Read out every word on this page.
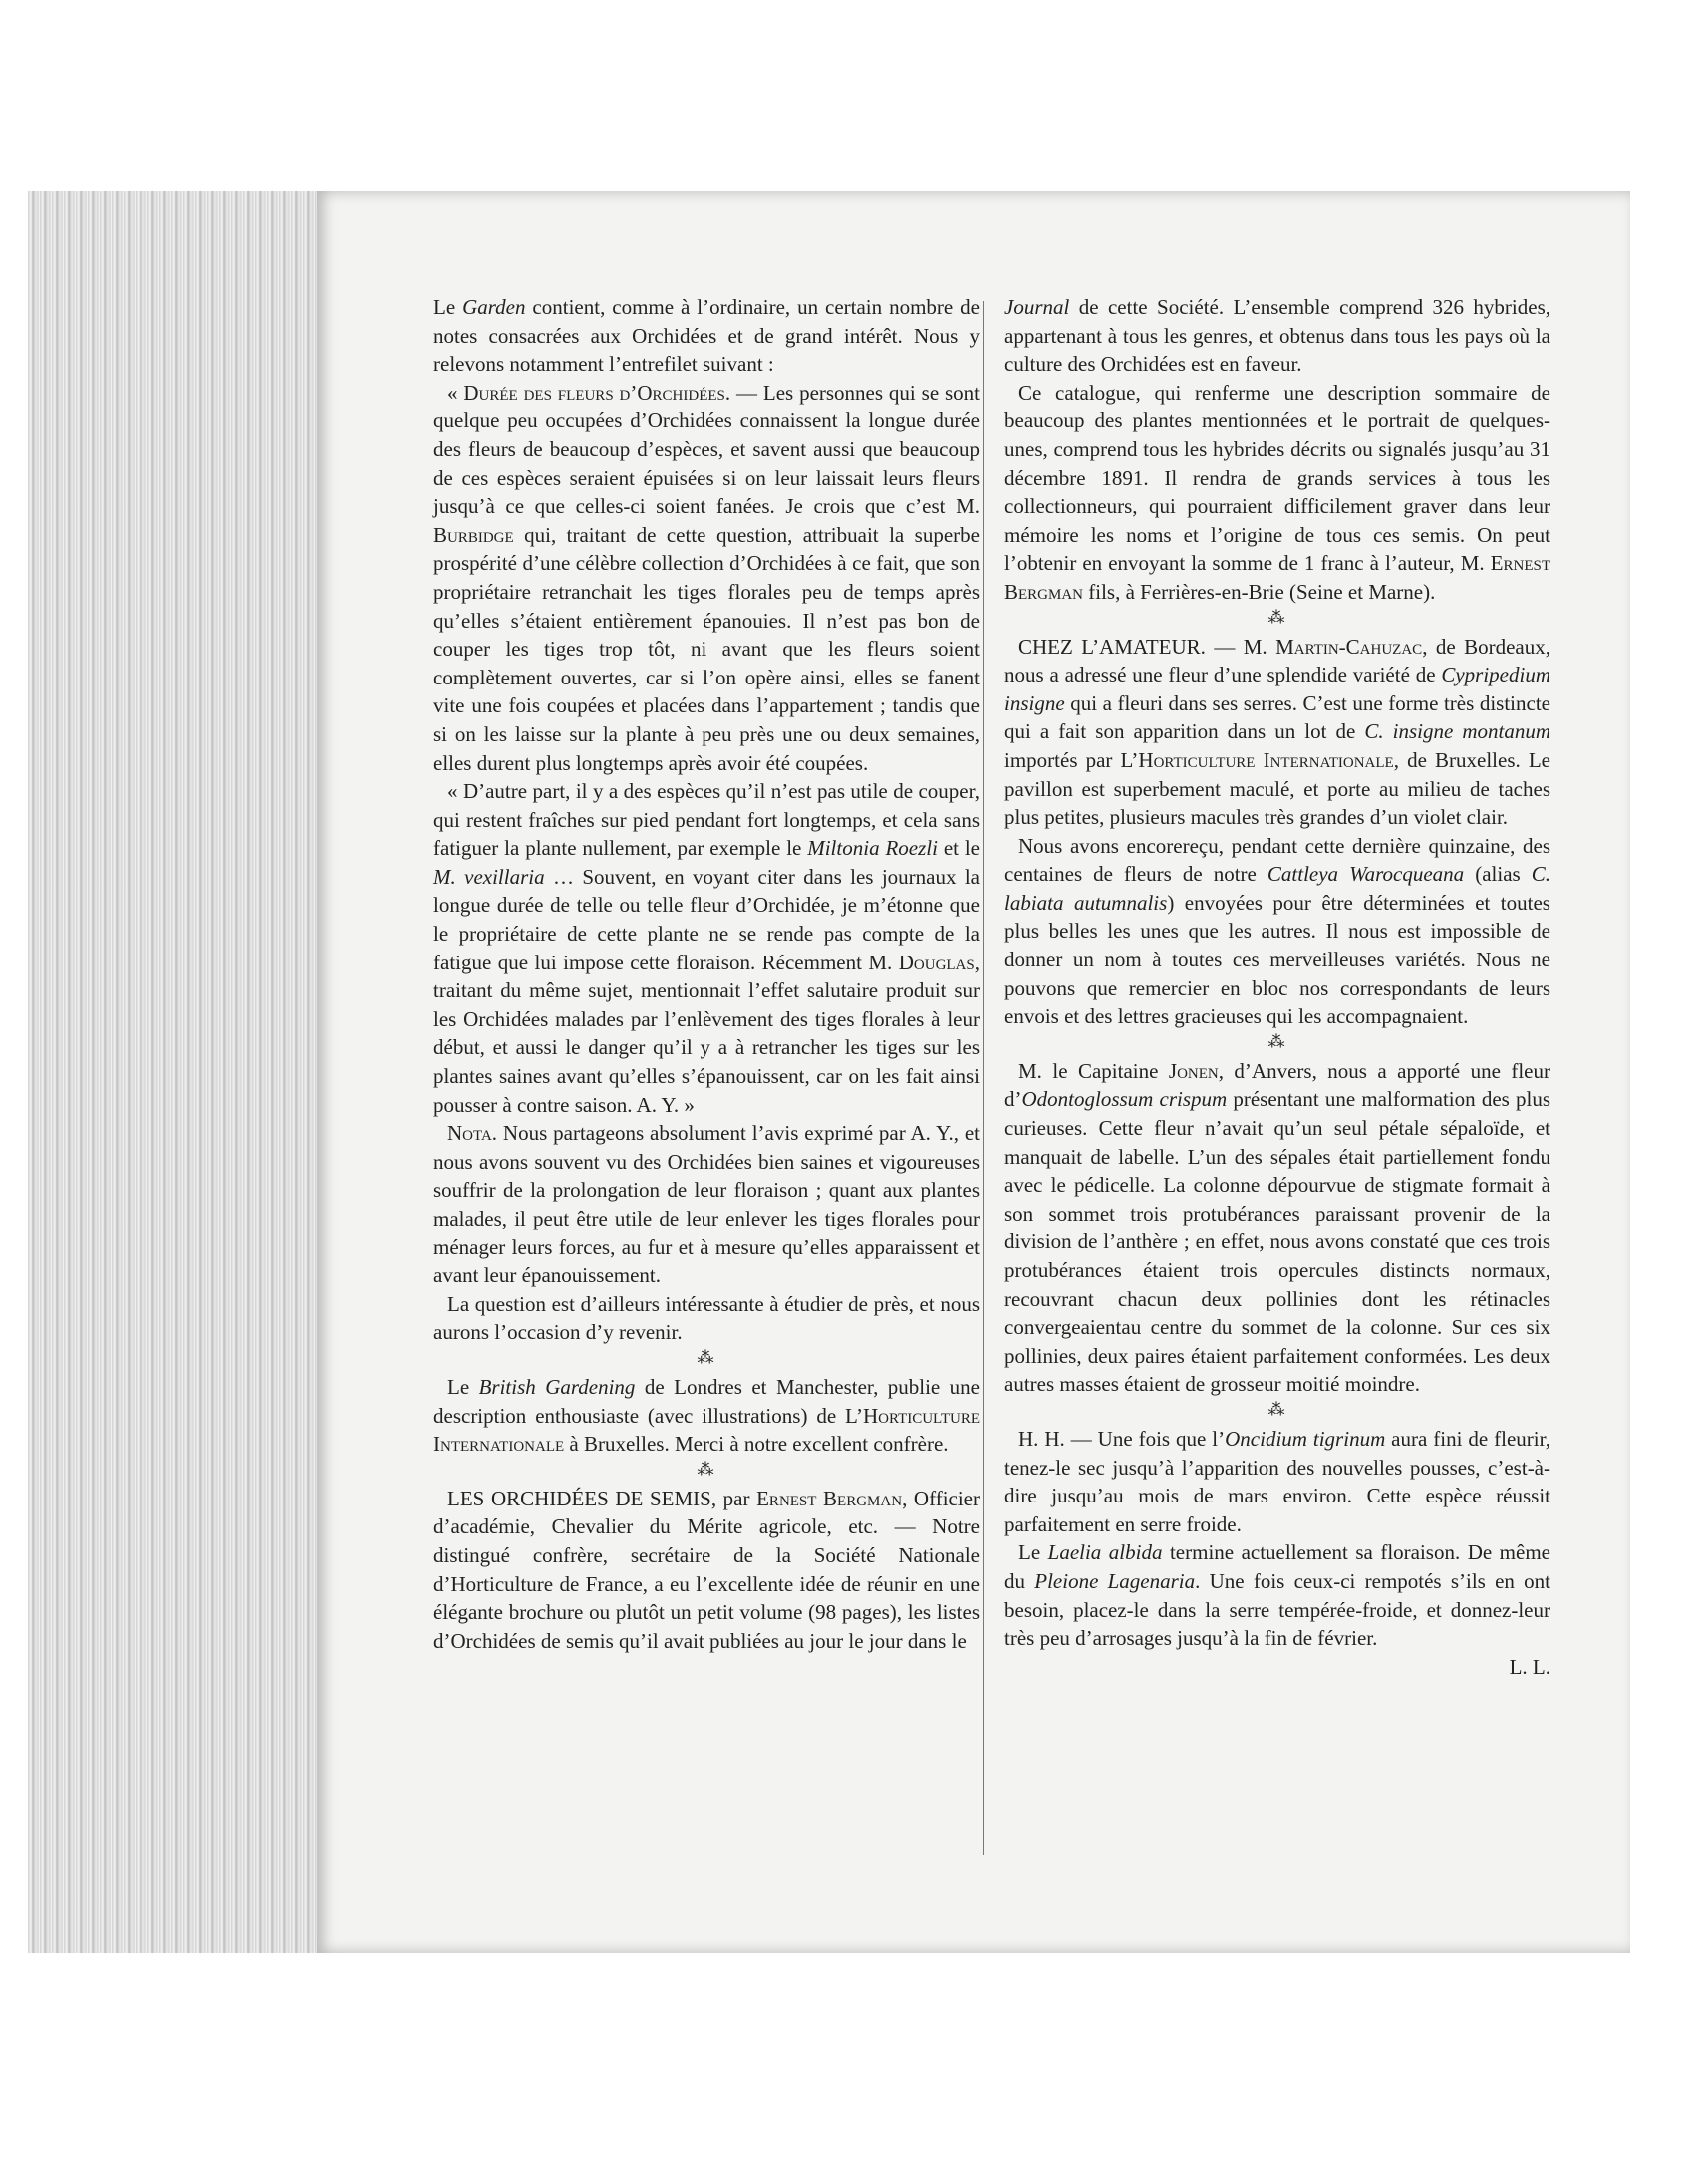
Le Garden contient, comme à l’ordinaire, un certain nombre de notes consacrées aux Orchidées et de grand intérêt. Nous y relevons notamment l’entrefilet suivant :

« Durée des fleurs d’Orchidées. — Les personnes qui se sont quelque peu occupées d’Orchidées connaissent la longue durée des fleurs de beaucoup d’espèces, et savent aussi que beaucoup de ces espèces seraient épuisées si on leur laissait leurs fleurs jusqu’à ce que celles-ci soient fanées. Je crois que c’est M. Burbidge qui, traitant de cette question, attribuait la superbe prospérité d’une célèbre collection d’Orchidées à ce fait, que son propriétaire retranchait les tiges florales peu de temps après qu’elles s’étaient entièrement épanouies. Il n’est pas bon de couper les tiges trop tôt, ni avant que les fleurs soient complètement ouvertes, car si l’on opère ainsi, elles se fanent vite une fois coupées et placées dans l’appartement ; tandis que si on les laisse sur la plante à peu près une ou deux semaines, elles durent plus longtemps après avoir été coupées.

« D’autre part, il y a des espèces qu’il n’est pas utile de couper, qui restent fraîches sur pied pendant fort longtemps, et cela sans fatiguer la plante nullement, par exemple le Miltonia Roezli et le M. vexillaria … Souvent, en voyant citer dans les journaux la longue durée de telle ou telle fleur d’Orchidée, je m’étonne que le propriétaire de cette plante ne se rende pas compte de la fatigue que lui impose cette floraison. Récemment M. Douglas, traitant du même sujet, mentionnait l’effet salutaire produit sur les Orchidées malades par l’enlèvement des tiges florales à leur début, et aussi le danger qu’il y a à retrancher les tiges sur les plantes saines avant qu’elles s’épanouissent, car on les fait ainsi pousser à contre saison. A. Y. »

Nota. Nous partageons absolument l’avis exprimé par A. Y., et nous avons souvent vu des Orchidées bien saines et vigoureuses souffrir de la prolongation de leur floraison ; quant aux plantes malades, il peut être utile de leur enlever les tiges florales pour ménager leurs forces, au fur et à mesure qu’elles apparaissent et avant leur épanouissement.

La question est d’ailleurs intéressante à étudier de près, et nous aurons l’occasion d’y revenir.

⁂

Le British Gardening de Londres et Manchester, publie une description enthousiaste (avec illustrations) de L’Horticulture Internationale à Bruxelles. Merci à notre excellent confrère.

⁂

LES ORCHIDÉES DE SEMIS, par Ernest Bergman, Officier d’académie, Chevalier du Mérite agricole, etc. — Notre distingué confrère, secrétaire de la Société Nationale d’Horticulture de France, a eu l’excellente idée de réunir en une élégante brochure ou plutôt un petit volume (98 pages), les listes d’Orchidées de semis qu’il avait publiées au jour le jour dans le

Journal de cette Société. L’ensemble comprend 326 hybrides, appartenant à tous les genres, et obtenus dans tous les pays où la culture des Orchidées est en faveur.

Ce catalogue, qui renferme une description sommaire de beaucoup des plantes mentionnées et le portrait de quelques-unes, comprend tous les hybrides décrits ou signalés jusqu’au 31 décembre 1891. Il rendra de grands services à tous les collectionneurs, qui pourraient difficilement graver dans leur mémoire les noms et l’origine de tous ces semis. On peut l’obtenir en envoyant la somme de 1 franc à l’auteur, M. Ernest Bergman fils, à Ferrières-en-Brie (Seine et Marne).

⁂

CHEZ L’AMATEUR. — M. Martin-Cahuzac, de Bordeaux, nous a adressé une fleur d’une splendide variété de Cypripedium insigne qui a fleuri dans ses serres. C’est une forme très distincte qui a fait son apparition dans un lot de C. insigne montanum importés par L’Horticulture Internationale, de Bruxelles. Le pavillon est superbement maculé, et porte au milieu de taches plus petites, plusieurs macules très grandes d’un violet clair.

Nous avons encorereçu, pendant cette dernière quinzaine, des centaines de fleurs de notre Cattleya Warocqueana (alias C. labiata autumnalis) envoyées pour être déterminées et toutes plus belles les unes que les autres. Il nous est impossible de donner un nom à toutes ces merveilleuses variétés. Nous ne pouvons que remercier en bloc nos correspondants de leurs envois et des lettres gracieuses qui les accompagnaient.

⁂

M. le Capitaine Jonen, d’Anvers, nous a apporté une fleur d’Odontoglossum crispum présentant une malformation des plus curieuses. Cette fleur n’avait qu’un seul pétale sépaloïde, et manquait de labelle. L’un des sépales était partiellement fondu avec le pédicelle. La colonne dépourvue de stigmate formait à son sommet trois protubérances paraissant provenir de la division de l’anthère ; en effet, nous avons constaté que ces trois protubérances étaient trois opercules distincts normaux, recouvrant chacun deux pollinies dont les rétinacles convergeaientau centre du sommet de la colonne. Sur ces six pollinies, deux paires étaient parfaitement conformées. Les deux autres masses étaient de grosseur moitié moindre.

⁂

H. H. — Une fois que l’Oncidium tigrinum aura fini de fleurir, tenez-le sec jusqu’à l’apparition des nouvelles pousses, c’est-à-dire jusqu’au mois de mars environ. Cette espèce réussit parfaitement en serre froide.

Le Laelia albida termine actuellement sa floraison. De même du Pleione Lagenaria. Une fois ceux-ci rempotés s’ils en ont besoin, placez-le dans la serre tempérée-froide, et donnez-leur très peu d’arrosages jusqu’à la fin de février.

L. L.
